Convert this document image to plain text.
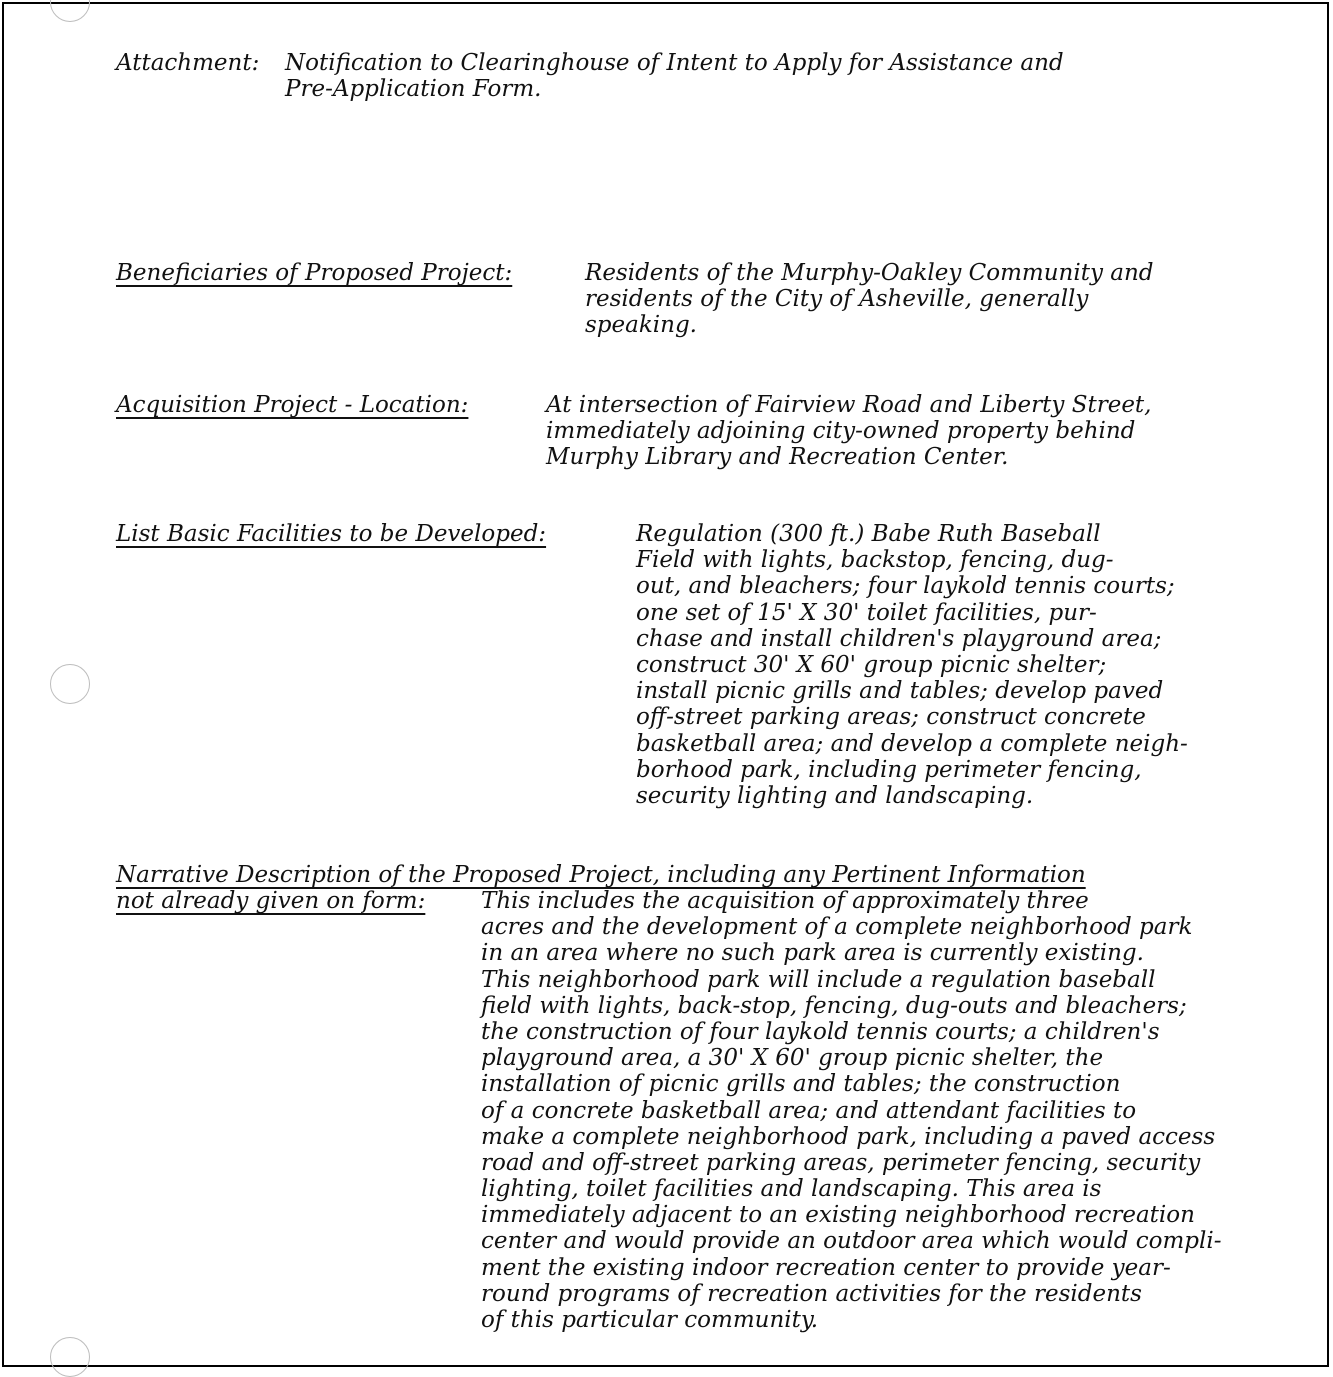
Attachment: Notification to Clearinghouse of Intent to Apply for Assistance and
Pre-Application Form.
Beneficiaries of Proposed Project:	Residents of the Murphy-Oakley Community and
residents of the City of Asheville, generally
speaking.
Acquisition Project - Location:	At intersection of Fairview Road and Liberty Street,
immediately adjoining city-owned property behind
Murphy Library and Recreation Center.
List Basic Facilities to be Developed:	Regulation (300 ft.) Babe Ruth Baseball
Field with lights, backstop, fencing, dug-
out, and bleachers; four laykold tennis courts;
one set of 15' X 30' toilet facilities, pur-
chase and install children's playground area;
construct 30' X 60' group picnic shelter;
install picnic grills and tables; develop paved
off-street parking areas; construct concrete
basketball area; and develop a complete neigh-
borhood park, including perimeter fencing,
security lighting and landscaping.
Narrative Description of the Proposed Project, including any Pertinent Information
not already given on form: This includes the acquisition of approximately three
acres and the development of a complete neighborhood park
in an area where no such park area is currently existing.
This neighborhood park will include a regulation baseball
field with lights, back-stop, fencing, dug-outs and bleachers;
the construction of four laykold tennis courts; a children's
playground area, a 30' X 60' group picnic shelter, the
installation of picnic grills and tables; the construction
of a concrete basketball area; and attendant facilities to
make a complete neighborhood park, including a paved access
road and off-street parking areas, perimeter fencing, security
lighting, toilet facilities and landscaping. This area is
immediately adjacent to an existing neighborhood recreation
center and would provide an outdoor area which would compli-
ment the existing indoor recreation center to provide year-
round programs of recreation activities for the residents
of this particular community.
